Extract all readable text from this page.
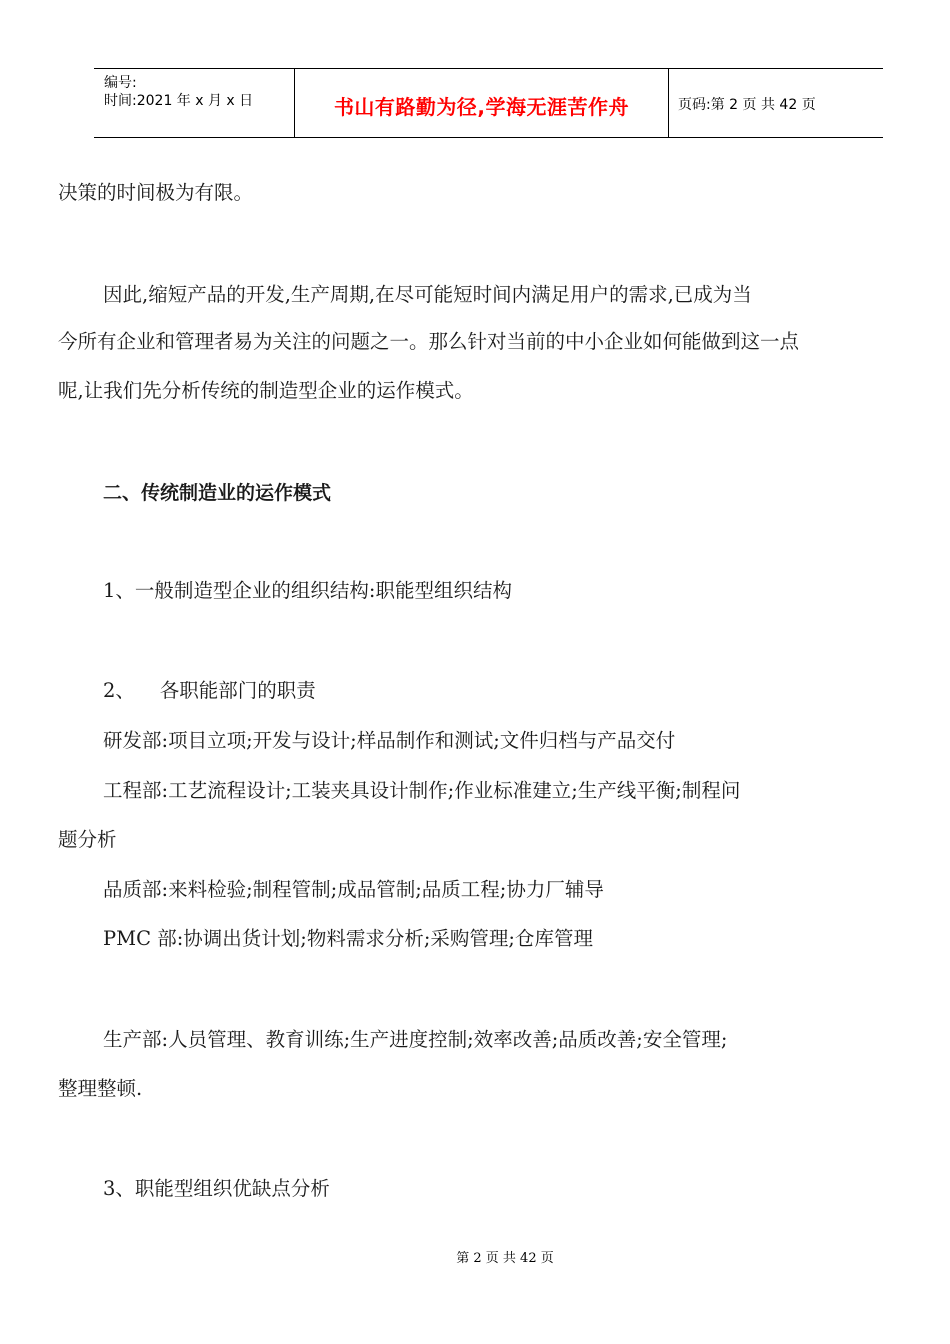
编号:
时间:2021 年 x 月 x 日	书山有路勤为径,学海无涯苦作舟	页码:第 2 页 共 42 页
决策的时间极为有限。
因此,缩短产品的开发,生产周期,在尽可能短时间内满足用户的需求,已成为当
今所有企业和管理者易为关注的问题之一。那么针对当前的中小企业如何能做到这一点
呢,让我们先分析传统的制造型企业的运作模式。
二、传统制造业的运作模式
1、一般制造型企业的组织结构:职能型组织结构
2、    各职能部门的职责
研发部:项目立项;开发与设计;样品制作和测试;文件归档与产品交付
工程部:工艺流程设计;工装夹具设计制作;作业标准建立;生产线平衡;制程问
题分析
品质部:来料检验;制程管制;成品管制;品质工程;协力厂辅导
PMC 部:协调出货计划;物料需求分析;采购管理;仓库管理
生产部:人员管理、教育训练;生产进度控制;效率改善;品质改善;安全管理;
整理整顿.
3、职能型组织优缺点分析
第 2 页 共 42 页
